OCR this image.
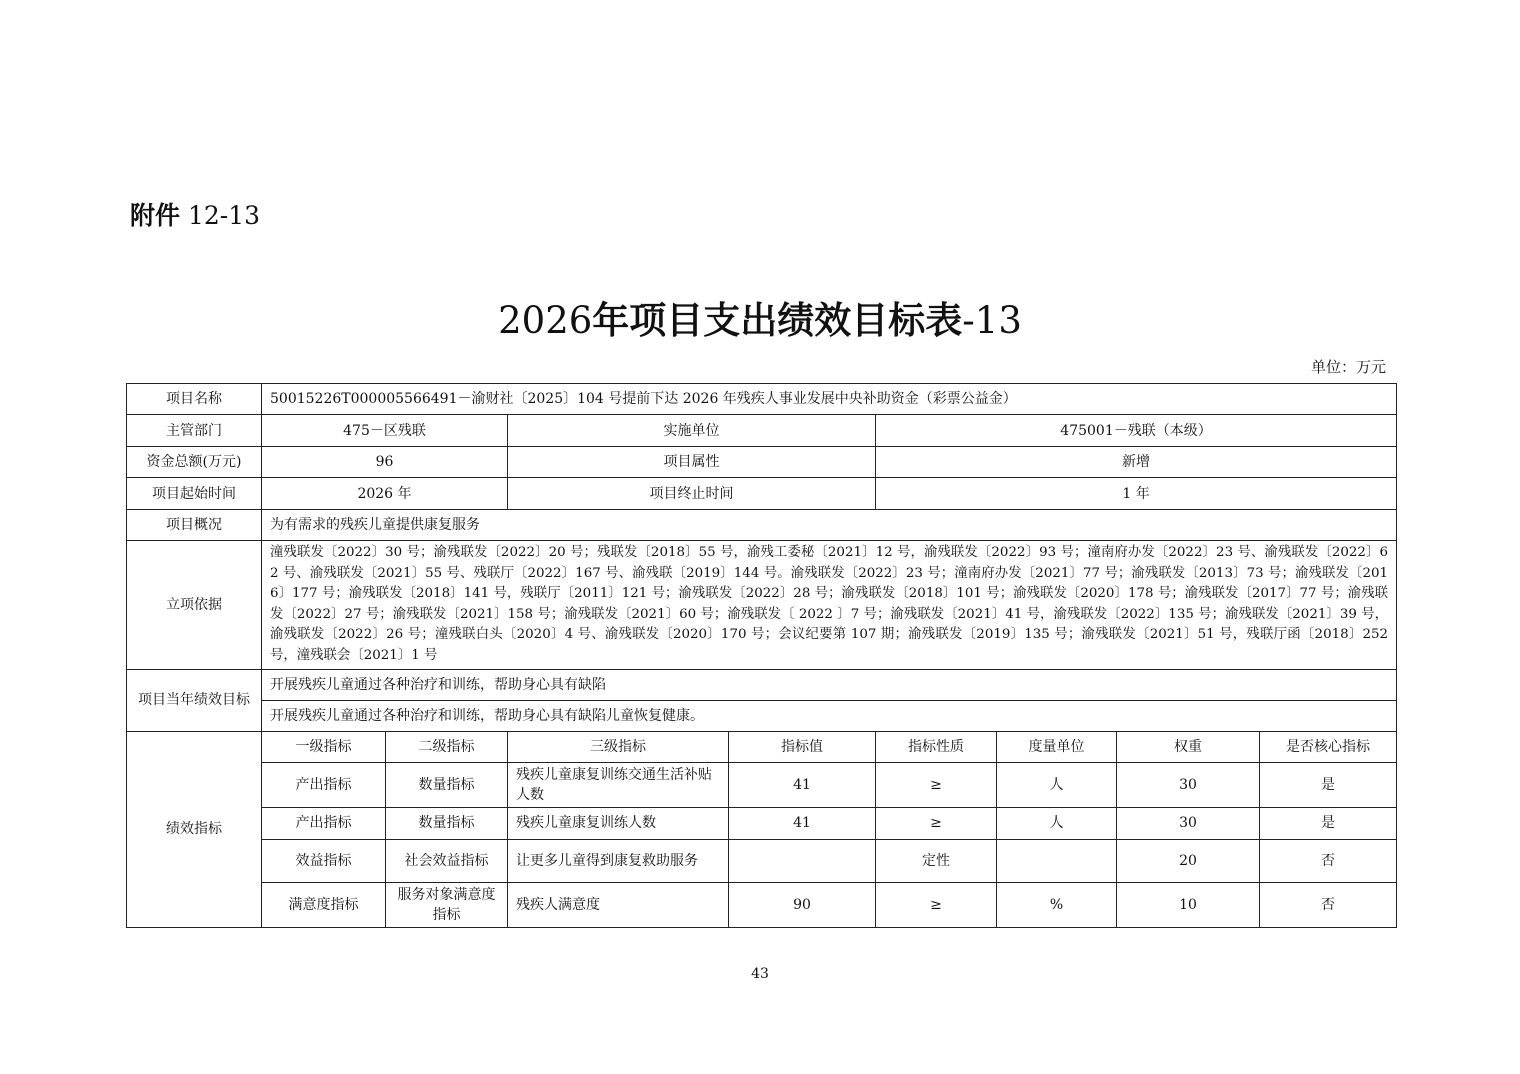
附件 12-13
2026年项目支出绩效目标表-13
单位：万元
项目名称	50015226T000005566491－渝财社〔2025〕104 号提前下达 2026 年残疾人事业发展中央补助资金（彩票公益金）							
主管部门	475－区残联		实施单位		475001－残联（本级）			
资金总额(万元)	96		项目属性		新增			
项目起始时间	2026 年		项目终止时间		1 年			
项目概况	为有需求的残疾儿童提供康复服务							
立项依据	潼残联发〔2022〕30 号；渝残联发〔2022〕20 号；残联发〔2018〕55 号，渝残工委秘〔2021〕12 号，渝残联发〔2022〕93 号；潼南府办发〔2022〕23 号、渝残联发〔2022〕62 号、渝残联发〔2021〕55 号、残联厅〔2022〕167 号、渝残联〔2019〕144 号。渝残联发〔2022〕23 号；潼南府办发〔2021〕77 号；渝残联发〔2013〕73 号；渝残联发〔2016〕177 号；渝残联发〔2018〕141 号，残联厅〔2011〕121 号；渝残联发〔2022〕28 号；渝残联发〔2018〕101 号；渝残联发〔2020〕178 号；渝残联发〔2017〕77 号；渝残联发〔2022〕27 号；渝残联发〔2021〕158 号；渝残联发〔2021〕60 号；渝残联发〔 2022 〕7 号；渝残联发〔2021〕41 号，渝残联发〔2022〕135 号；渝残联发〔2021〕39 号，渝残联发〔2022〕26 号；潼残联白头〔2020〕4 号、渝残联发〔2020〕170 号；会议纪要第 107 期；渝残联发〔2019〕135 号；渝残联发〔2021〕51 号，残联厅函〔2018〕252 号，潼残联会〔2021〕1 号							
项目当年绩效目标	开展残疾儿童通过各种治疗和训练，帮助身心具有缺陷							
	开展残疾儿童通过各种治疗和训练，帮助身心具有缺陷儿童恢复健康。							
绩效指标	一级指标	二级指标	三级指标	指标值	指标性质	度量单位	权重	是否核心指标
	产出指标	数量指标	残疾儿童康复训练交通生活补贴人数	41	≥	人	30	是
	产出指标	数量指标	残疾儿童康复训练人数	41	≥	人	30	是
	效益指标	社会效益指标	让更多儿童得到康复救助服务		定性		20	否
	满意度指标	服务对象满意度指标	残疾人满意度	90	≥	%	10	否
43
